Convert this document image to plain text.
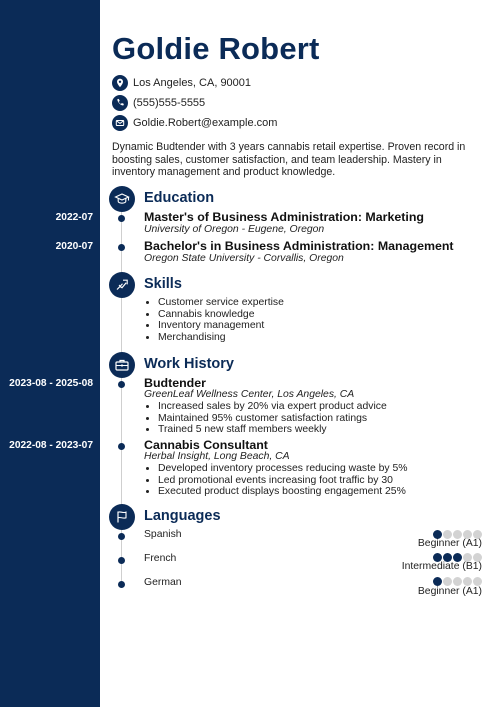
Goldie Robert
Los Angeles, CA, 90001
(555)555-5555
Goldie.Robert@example.com
Dynamic Budtender with 3 years cannabis retail expertise. Proven record in boosting sales, customer satisfaction, and team leadership. Mastery in inventory management and product knowledge.
Education
2022-07	Master's of Business Administration: Marketing
University of Oregon - Eugene, Oregon
2020-07	Bachelor's in Business Administration: Management
Oregon State University - Corvallis, Oregon
Skills
• Customer service expertise
• Cannabis knowledge
• Inventory management
• Merchandising
Work History
2023-08 - 2025-08	Budtender
GreenLeaf Wellness Center, Los Angeles, CA
• Increased sales by 20% via expert product advice
• Maintained 95% customer satisfaction ratings
• Trained 5 new staff members weekly
2022-08 - 2023-07	Cannabis Consultant
Herbal Insight, Long Beach, CA
• Developed inventory processes reducing waste by 5%
• Led promotional events increasing foot traffic by 30
• Executed product displays boosting engagement 25%
Languages
Spanish
Beginner (A1)
French
Intermediate (B1)
German
Beginner (A1)
